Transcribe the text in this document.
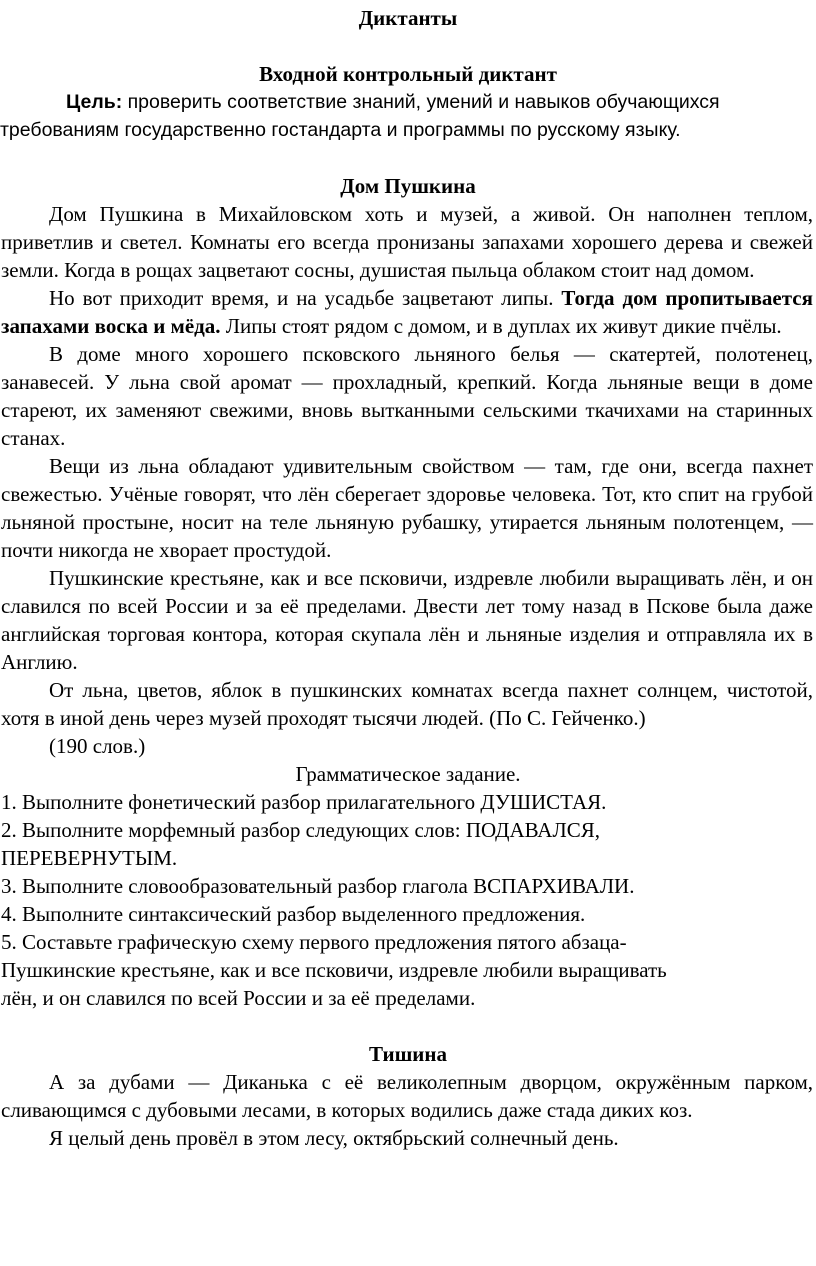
Диктанты
Входной контрольный диктант
Цель: проверить соответствие знаний, умений и навыков обучающихся
требованиям государственно гостандарта и программы по русскому языку.
Дом Пушкина

Дом Пушкина в Михайловском хоть и музей, а живой. Он наполнен теплом, приветлив и светел. Комнаты его всегда пронизаны запахами хорошего дерева и свежей земли. Когда в рощах зацветают сосны, душистая пыльца облаком стоит над домом.

Но вот приходит время, и на усадьбе зацветают липы. Тогда дом пропитывается запахами воска и мёда. Липы стоят рядом с домом, и в дуплах их живут дикие пчёлы.

В доме много хорошего псковского льняного белья — скатертей, полотенец, занавесей. У льна свой аромат — прохладный, крепкий. Когда льняные вещи в доме стареют, их заменяют свежими, вновь вытканными сельскими ткачихами на старинных станах.

Вещи из льна обладают удивительным свойством — там, где они, всегда пахнет свежестью. Учёные говорят, что лён сберегает здоровье человека. Тот, кто спит на грубой льняной простыне, носит на теле льняную рубашку, утирается льняным полотенцем, — почти никогда не хворает простудой.

Пушкинские крестьяне, как и все псковичи, издревле любили выращивать лён, и он славился по всей России и за её пределами. Двести лет тому назад в Пскове была даже английская торговая контора, которая скупала лён и льняные изделия и отправляла их в Англию.

От льна, цветов, яблок в пушкинских комнатах всегда пахнет солнцем, чистотой, хотя в иной день через музей проходят тысячи людей. (По С. Гейченко.)

(190 слов.)

Грамматическое задание.

1. Выполните фонетический разбор прилагательного ДУШИСТАЯ.

2. Выполните морфемный разбор следующих слов: ПОДАВАЛСЯ,

ПЕРЕВЕРНУТЫМ.

3. Выполните словообразовательный разбор глагола ВСПАРХИВАЛИ.

4. Выполните синтаксический разбор выделенного предложения.

5. Составьте графическую схему первого предложения пятого абзаца-

Пушкинские крестьяне, как и все псковичи, издревле любили выращивать

лён, и он славился по всей России и за её пределами.

Тишина

А за дубами — Диканька с её великолепным дворцом, окружённым парком, сливающимся с дубовыми лесами, в которых водились даже стада диких коз.

Я целый день провёл в этом лесу, октябрьский солнечный день.
